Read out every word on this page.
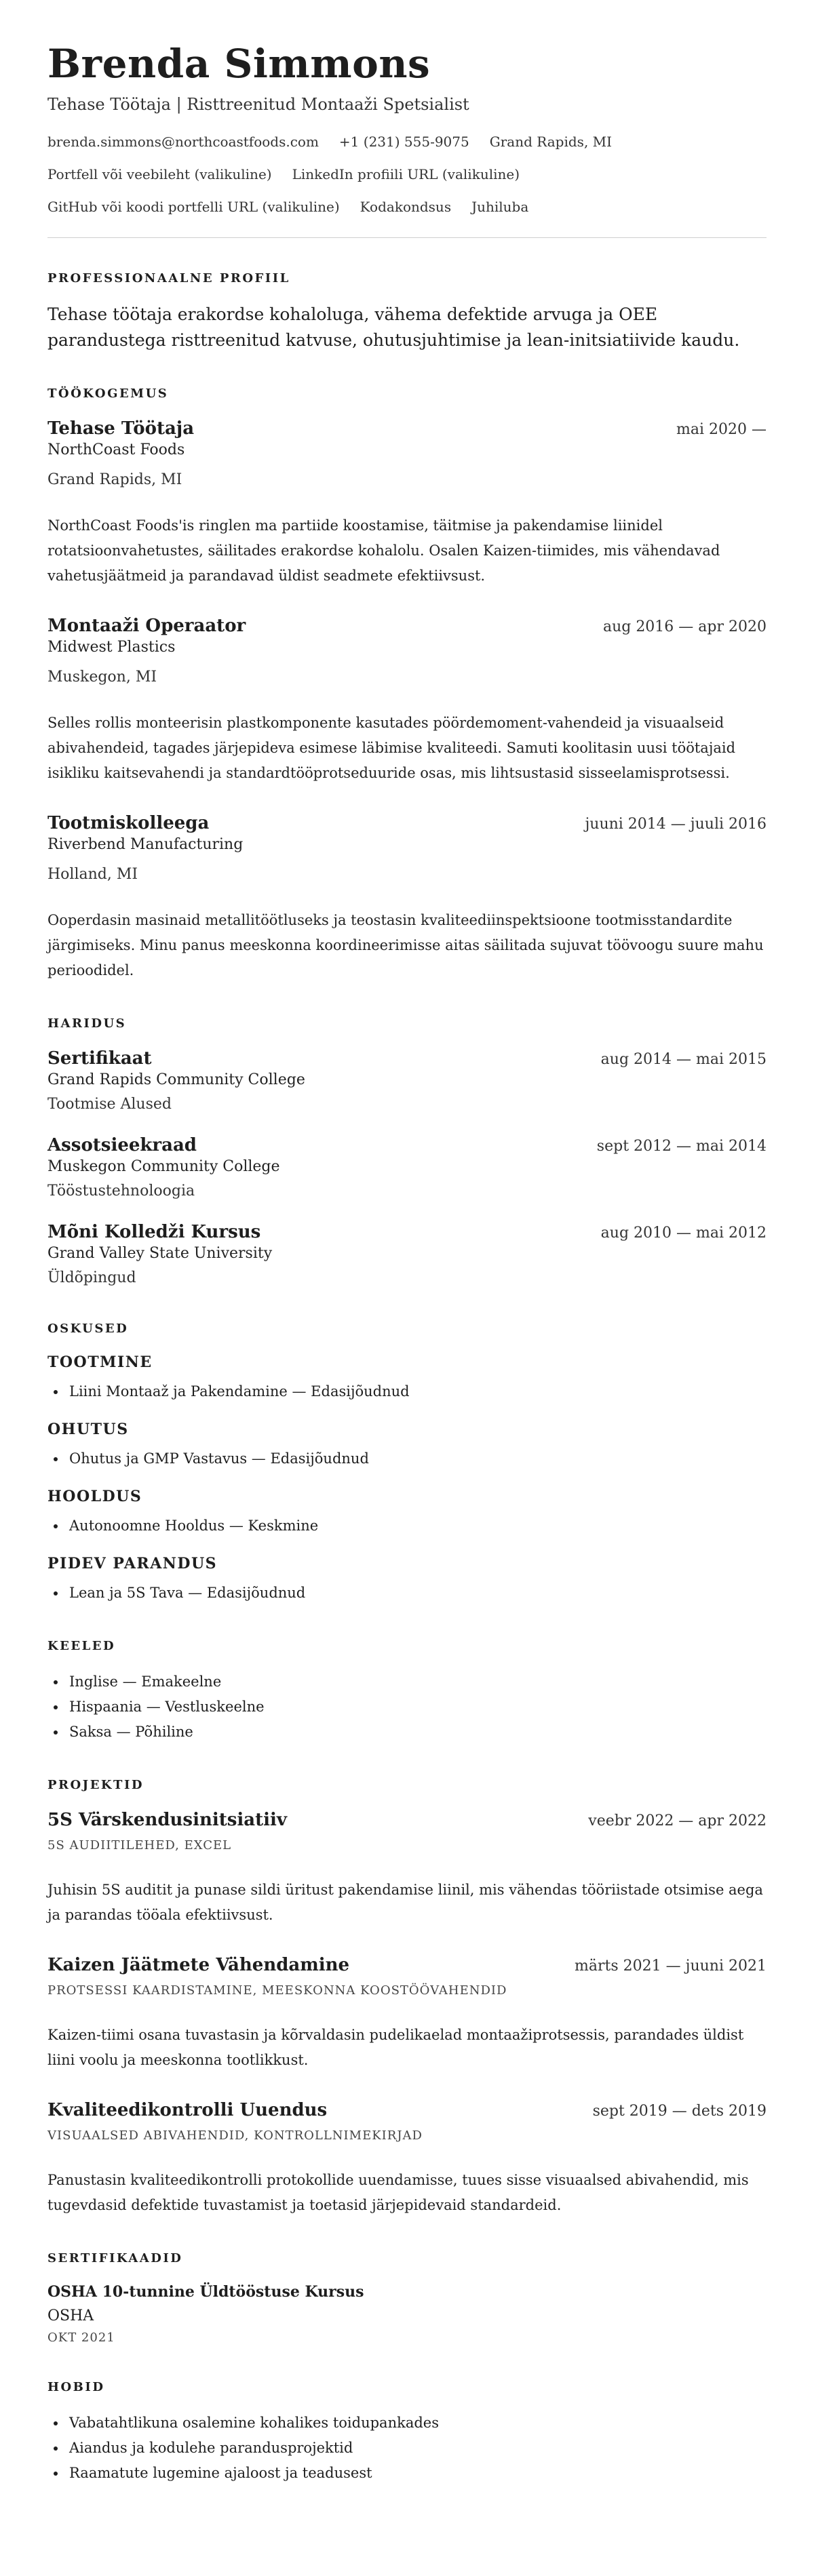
Brenda Simmons
Tehase Töötaja | Risttreenitud Montaaži Spetsialist
brenda.simmons@northcoastfoods.com +1 (231) 555-9075 Grand Rapids, MI
Portfell või veebileht (valikuline) LinkedIn profiili URL (valikuline)
GitHub või koodi portfelli URL (valikuline) Kodakondsus Juhiluba
PROFESSIONAALNE PROFIIL

Tehase töötaja erakordse kohaloluga, vähema defektide arvuga ja OEE parandustega risttreenitud katvuse, ohutusjuhtimise ja lean-initsiatiivide kaudu.

TÖÖKOGEMUS
Tehase Töötaja	mai 2020 —
NorthCoast Foods
Grand Rapids, MI
NorthCoast Foods'is ringlen ma partiide koostamise, täitmise ja pakendamise liinidel rotatsioonvahetustes, säilitades erakordse kohalolu. Osalen Kaizen-tiimides, mis vähendavad vahetusjäätmeid ja parandavad üldist seadmete efektiivsust.
Montaaži Operaator	aug 2016 — apr 2020
Midwest Plastics
Muskegon, MI
Selles rollis monteerisin plastkomponente kasutades pöördemoment-vahendeid ja visuaalseid abivahendeid, tagades järjepideva esimese läbimise kvaliteedi. Samuti koolitasin uusi töötajaid isikliku kaitsevahendi ja standardtööprotseduuride osas, mis lihtsustasid sisseelamisprotsessi.
Tootmiskolleega	juuni 2014 — juuli 2016
Riverbend Manufacturing
Holland, MI
Ooperdasin masinaid metallitöötluseks ja teostasin kvaliteediinspektsioone tootmisstandardite järgimiseks. Minu panus meeskonna koordineerimisse aitas säilitada sujuvat töövoogu suure mahu perioodidel.
HARIDUS
Sertifikaat	aug 2014 — mai 2015
Grand Rapids Community College
Tootmise Alused
Assotsieekraad	sept 2012 — mai 2014
Muskegon Community College
Tööstustehnoloogia
Mõni Kolledži Kursus	aug 2010 — mai 2012
Grand Valley State University
Üldõpingud
OSKUSED
TOOTMINE
• Liini Montaaž ja Pakendamine — Edasijõudnud
OHUTUS
• Ohutus ja GMP Vastavus — Edasijõudnud
HOOLDUS
• Autonoomne Hooldus — Keskmine
PIDEV PARANDUS
• Lean ja 5S Tava — Edasijõudnud
KEELED
• Inglise — Emakeelne
• Hispaania — Vestluskeelne
• Saksa — Põhiline
PROJEKTID
5S Värskendusinitsiatiiv	veebr 2022 — apr 2022
5S AUDIITILEHED, EXCEL
Juhisin 5S auditit ja punase sildi üritust pakendamise liinil, mis vähendas tööriistade otsimise aega ja parandas tööala efektiivsust.
Kaizen Jäätmete Vähendamine	märts 2021 — juuni 2021
PROTSESSI KAARDISTAMINE, MEESKONNA KOOSTÖÖVAHENDID
Kaizen-tiimi osana tuvastasin ja kõrvaldasin pudelikaelad montaažiprotsessis, parandades üldist liini voolu ja meeskonna tootlikkust.
Kvaliteedikontrolli Uuendus	sept 2019 — dets 2019
VISUAALSED ABIVAHENDID, KONTROLLNIMEKIRJAD
Panustasin kvaliteedikontrolli protokollide uuendamisse, tuues sisse visuaalsed abivahendid, mis tugevdasid defektide tuvastamist ja toetasid järjepidevaid standardeid.
SERTIFIKAADID
OSHA 10-tunnine Üldtööstuse Kursus
OSHA
OKT 2021
HOBID
• Vabatahtlikuna osalemine kohalikes toidupankades
• Aiandus ja kodulehe parandusprojektid
• Raamatute lugemine ajaloost ja teadusest
